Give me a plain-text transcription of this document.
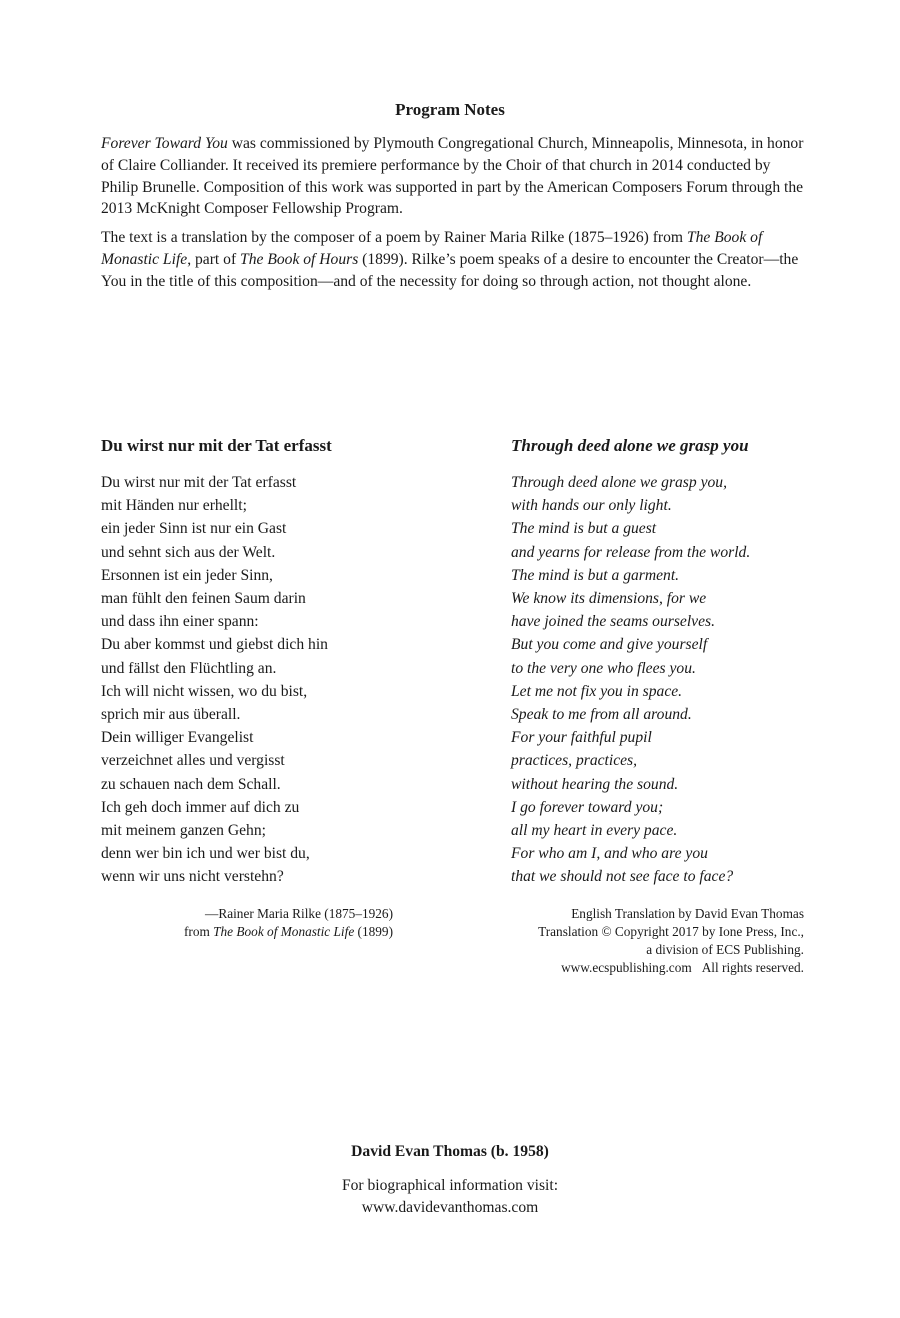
Program Notes

Forever Toward You was commissioned by Plymouth Congregational Church, Minneapolis, Minnesota, in honor of Claire Colliander. It received its premiere performance by the Choir of that church in 2014 conducted by Philip Brunelle. Composition of this work was supported in part by the American Composers Forum through the 2013 McKnight Composer Fellowship Program.

The text is a translation by the composer of a poem by Rainer Maria Rilke (1875–1926) from The Book of Monastic Life, part of The Book of Hours (1899). Rilke’s poem speaks of a desire to encounter the Creator—the You in the title of this composition—and of the necessity for doing so through action, not thought alone.

Du wirst nur mit der Tat erfasst
Du wirst nur mit der Tat erfasst
mit Händen nur erhellt;
ein jeder Sinn ist nur ein Gast
und sehnt sich aus der Welt.
Ersonnen ist ein jeder Sinn,
man fühlt den feinen Saum darin
und dass ihn einer spann:
Du aber kommst und giebst dich hin
und fällst den Flüchtling an.
Ich will nicht wissen, wo du bist,
sprich mir aus überall.
Dein williger Evangelist
verzeichnet alles und vergisst
zu schauen nach dem Schall.
Ich geh doch immer auf dich zu
mit meinem ganzen Gehn;
denn wer bin ich und wer bist du,
wenn wir uns nicht verstehn?
Through deed alone we grasp you
Through deed alone we grasp you,
with hands our only light.
The mind is but a guest
and yearns for release from the world.
The mind is but a garment.
We know its dimensions, for we
have joined the seams ourselves.
But you come and give yourself
to the very one who flees you.
Let me not fix you in space.
Speak to me from all around.
For your faithful pupil
practices, practices,
without hearing the sound.
I go forever toward you;
all my heart in every pace.
For who am I, and who are you
that we should not see face to face?
—Rainer Maria Rilke (1875–1926)
from The Book of Monastic Life (1899)
English Translation by David Evan Thomas
Translation © Copyright 2017 by Ione Press, Inc.,
a division of ECS Publishing.
www.ecspublishing.com All rights reserved.
David Evan Thomas (b. 1958)
For biographical information visit:
www.davidevanthomas.com
